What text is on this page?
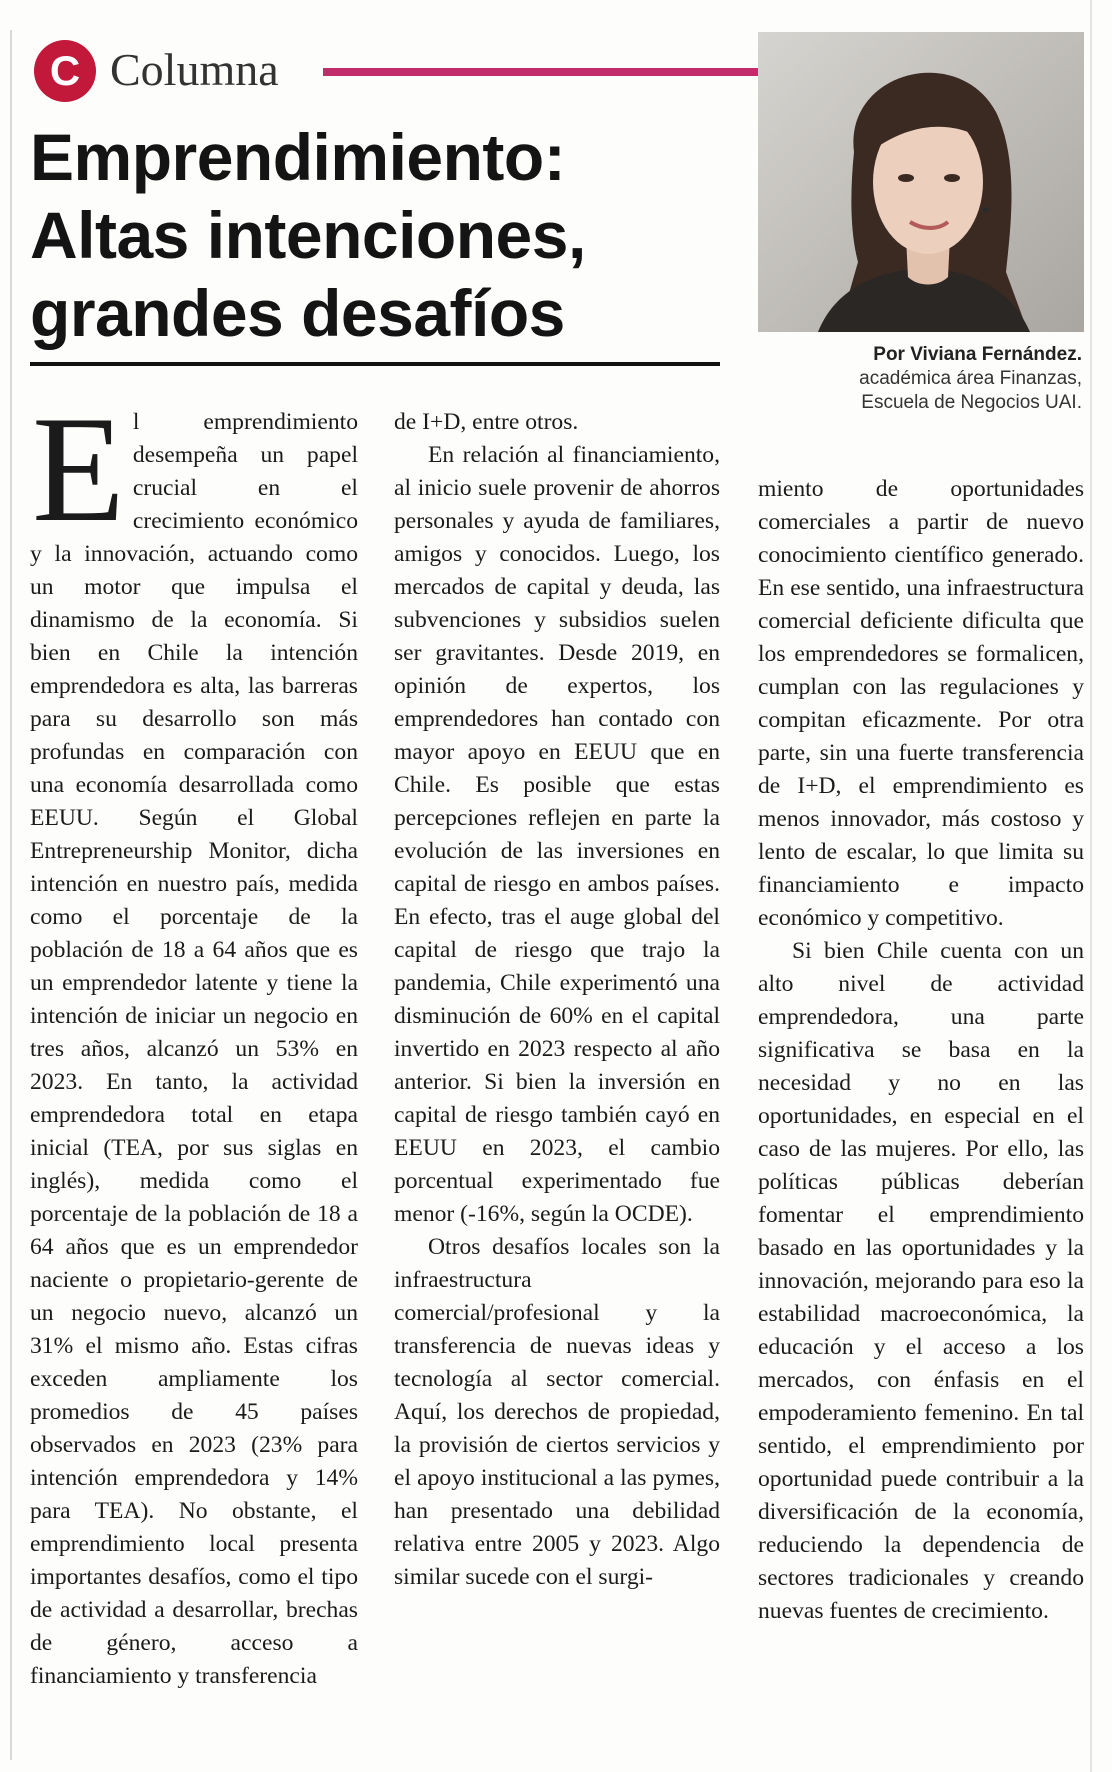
C Columna
Emprendimiento:
Altas intenciones,
grandes desafíos
Por Viviana Fernández.
académica área Finanzas,
Escuela de Negocios UAI.
E l emprendimiento desempeña un papel crucial en el crecimiento económico y la innovación, actuando como un motor que impulsa el dinamismo de la economía. Si bien en Chile la intención emprendedora es alta, las barreras para su desarrollo son más profundas en comparación con una economía desarrollada como EEUU. Según el Global Entrepreneurship Monitor, dicha intención en nuestro país, medida como el porcentaje de la población de 18 a 64 años que es un emprendedor latente y tiene la intención de iniciar un negocio en tres años, alcanzó un 53% en 2023. En tanto, la actividad emprendedora total en etapa inicial (TEA, por sus siglas en inglés), medida como el porcentaje de la población de 18 a 64 años que es un emprendedor naciente o propietario-gerente de un negocio nuevo, alcanzó un 31% el mismo año. Estas cifras exceden ampliamente los promedios de 45 países observados en 2023 (23% para intención emprendedora y 14% para TEA). No obstante, el emprendimiento local presenta importantes desafíos, como el tipo de actividad a desarrollar, brechas de género, acceso a financiamiento y transferencia

de I+D, entre otros.

En relación al financiamiento, al inicio suele provenir de ahorros personales y ayuda de familiares, amigos y conocidos. Luego, los mercados de capital y deuda, las subvenciones y subsidios suelen ser gravitantes. Desde 2019, en opinión de expertos, los emprendedores han contado con mayor apoyo en EEUU que en Chile. Es posible que estas percepciones reflejen en parte la evolución de las inversiones en capital de riesgo en ambos países. En efecto, tras el auge global del capital de riesgo que trajo la pandemia, Chile experimentó una disminución de 60% en el capital invertido en 2023 respecto al año anterior. Si bien la inversión en capital de riesgo también cayó en EEUU en 2023, el cambio porcentual experimentado fue menor (-16%, según la OCDE).

Otros desafíos locales son la infraestructura comercial/profesional y la transferencia de nuevas ideas y tecnología al sector comercial. Aquí, los derechos de propiedad, la provisión de ciertos servicios y el apoyo institucional a las pymes, han presentado una debilidad relativa entre 2005 y 2023. Algo similar sucede con el surgi-

miento de oportunidades comerciales a partir de nuevo conocimiento científico generado. En ese sentido, una infraestructura comercial deficiente dificulta que los emprendedores se formalicen, cumplan con las regulaciones y compitan eficazmente. Por otra parte, sin una fuerte transferencia de I+D, el emprendimiento es menos innovador, más costoso y lento de escalar, lo que limita su financiamiento e impacto económico y competitivo.

Si bien Chile cuenta con un alto nivel de actividad emprendedora, una parte significativa se basa en la necesidad y no en las oportunidades, en especial en el caso de las mujeres. Por ello, las políticas públicas deberían fomentar el emprendimiento basado en las oportunidades y la innovación, mejorando para eso la estabilidad macroeconómica, la educación y el acceso a los mercados, con énfasis en el empoderamiento femenino. En tal sentido, el emprendimiento por oportunidad puede contribuir a la diversificación de la economía, reduciendo la dependencia de sectores tradicionales y creando nuevas fuentes de crecimiento.
